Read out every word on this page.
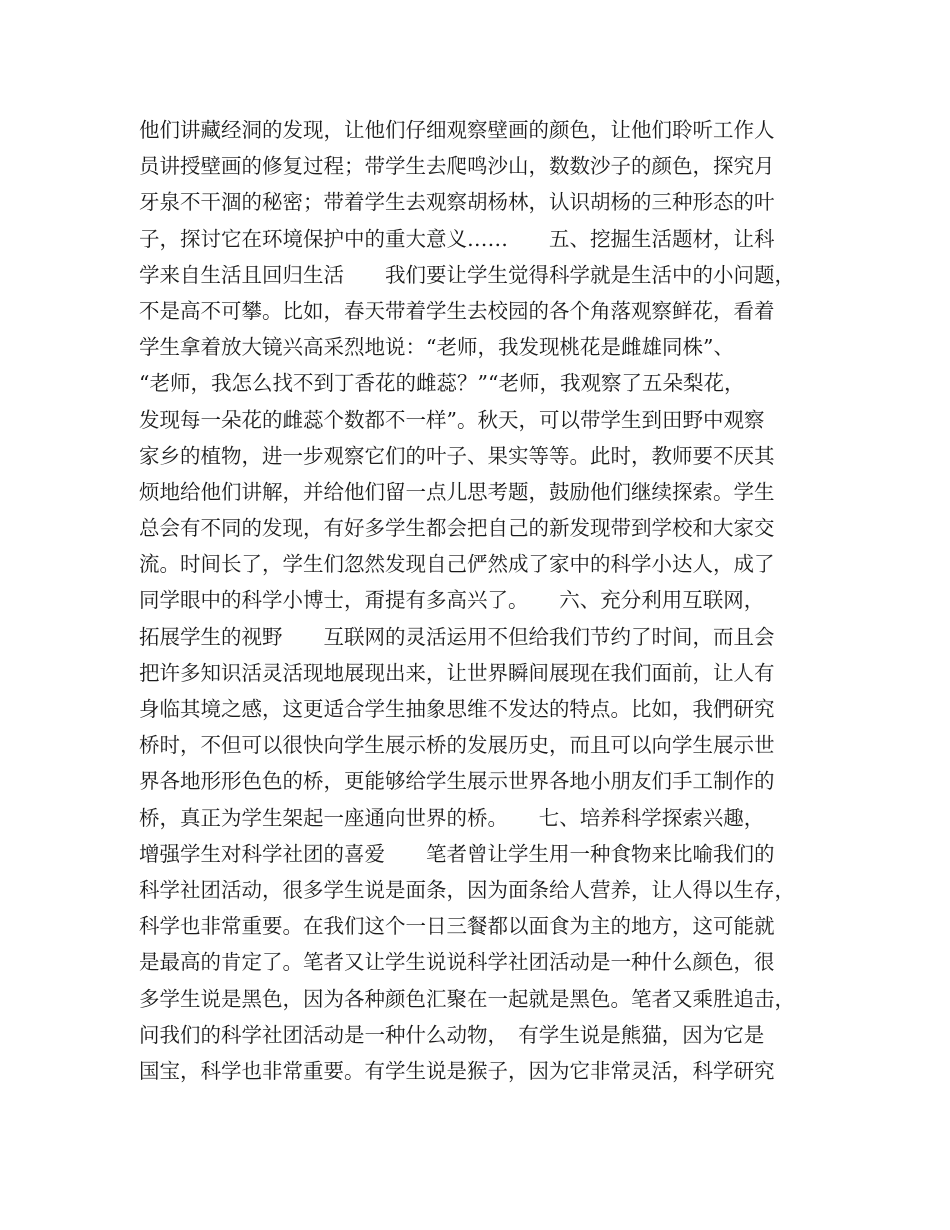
他们讲藏经洞的发现，让他们仔细观察壁画的颜色，让他们聆听工作人
员讲授壁画的修复过程；带学生去爬鸣沙山，数数沙子的颜色，探究月
牙泉不干涸的秘密；带着学生去观察胡杨林，认识胡杨的三种形态的叶
子，探讨它在环境保护中的重大意义……　　五、挖掘生活题材，让科
学来自生活且回归生活　　我们要让学生觉得科学就是生活中的小问题，
不是高不可攀。比如，春天带着学生去校园的各个角落观察鲜花，看着
学生拿着放大镜兴高采烈地说：“老师，我发现桃花是雌雄同株”、
“老师，我怎么找不到丁香花的雌蕊？”“老师，我观察了五朵梨花，
发现每一朵花的雌蕊个数都不一样”。秋天，可以带学生到田野中观察
家乡的植物，进一步观察它们的叶子、果实等等。此时，教师要不厌其
烦地给他们讲解，并给他们留一点儿思考题，鼓励他们继续探索。学生
总会有不同的发现，有好多学生都会把自己的新发现带到学校和大家交
流。时间长了，学生们忽然发现自己俨然成了家中的科学小达人，成了
同学眼中的科学小博士，甭提有多高兴了。　　六、充分利用互联网，
拓展学生的视野　　互联网的灵活运用不但给我们节约了时间，而且会
把许多知识活灵活现地展现出来，让世界瞬间展现在我们面前，让人有
身临其境之感，这更适合学生抽象思维不发达的特点。比如，我們研究
桥时，不但可以很快向学生展示桥的发展历史，而且可以向学生展示世
界各地形形色色的桥，更能够给学生展示世界各地小朋友们手工制作的
桥，真正为学生架起一座通向世界的桥。　　七、培养科学探索兴趣，
增强学生对科学社团的喜爱　　笔者曾让学生用一种食物来比喻我们的
科学社团活动，很多学生说是面条，因为面条给人营养，让人得以生存，
科学也非常重要。在我们这个一日三餐都以面食为主的地方，这可能就
是最高的肯定了。笔者又让学生说说科学社团活动是一种什么颜色，很
多学生说是黑色，因为各种颜色汇聚在一起就是黑色。笔者又乘胜追击，
问我们的科学社团活动是一种什么动物，　有学生说是熊猫，因为它是
国宝，科学也非常重要。有学生说是猴子，因为它非常灵活，科学研究
